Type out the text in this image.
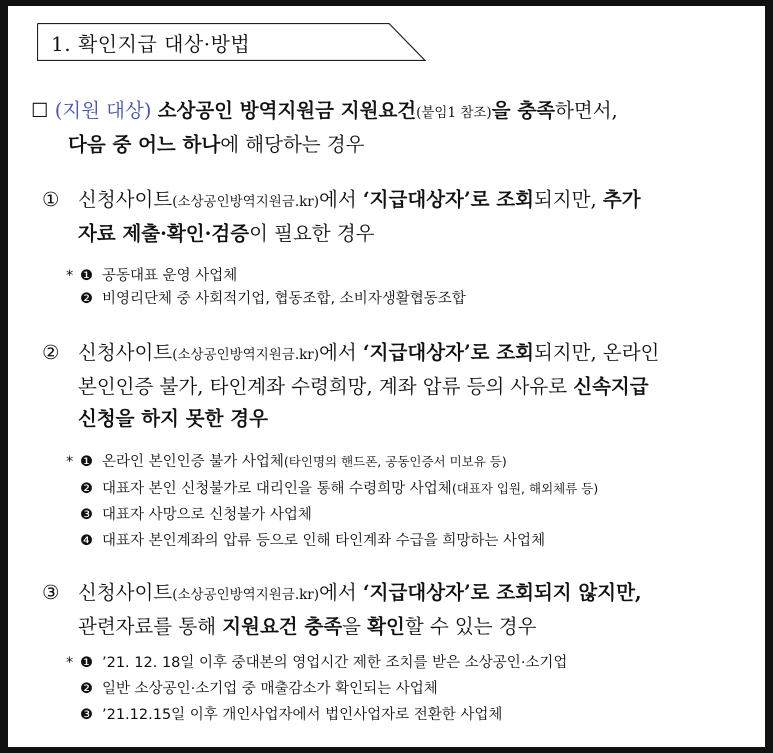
1. 확인지급 대상·방법
☐ (지원 대상) 소상공인 방역지원금 지원요건(붙임1 참조)을 충족하면서,
다음 중 어느 하나에 해당하는 경우
① 신청사이트(소상공인방역지원금.kr)에서 ‘지급대상자’로 조회되지만, 추가
자료 제출·확인·검증이 필요한 경우
* ❶ 공동대표 운영 사업체
❷ 비영리단체 중 사회적기업, 협동조합, 소비자생활협동조합
② 신청사이트(소상공인방역지원금.kr)에서 ‘지급대상자’로 조회되지만, 온라인
본인인증 불가, 타인계좌 수령희망, 계좌 압류 등의 사유로 신속지급
신청을 하지 못한 경우
* ❶ 온라인 본인인증 불가 사업체(타인명의 핸드폰, 공동인증서 미보유 등)
❷ 대표자 본인 신청불가로 대리인을 통해 수령희망 사업체(대표자 입원, 해외체류 등)
❸ 대표자 사망으로 신청불가 사업체
❹ 대표자 본인계좌의 압류 등으로 인해 타인계좌 수급을 희망하는 사업체
③ 신청사이트(소상공인방역지원금.kr)에서 ‘지급대상자’로 조회되지 않지만,
관련자료를 통해 지원요건 충족을 확인할 수 있는 경우
* ❶ ’21. 12. 18일 이후 중대본의 영업시간 제한 조치를 받은 소상공인·소기업
❷ 일반 소상공인·소기업 중 매출감소가 확인되는 사업체
❸ ’21.12.15일 이후 개인사업자에서 법인사업자로 전환한 사업체
